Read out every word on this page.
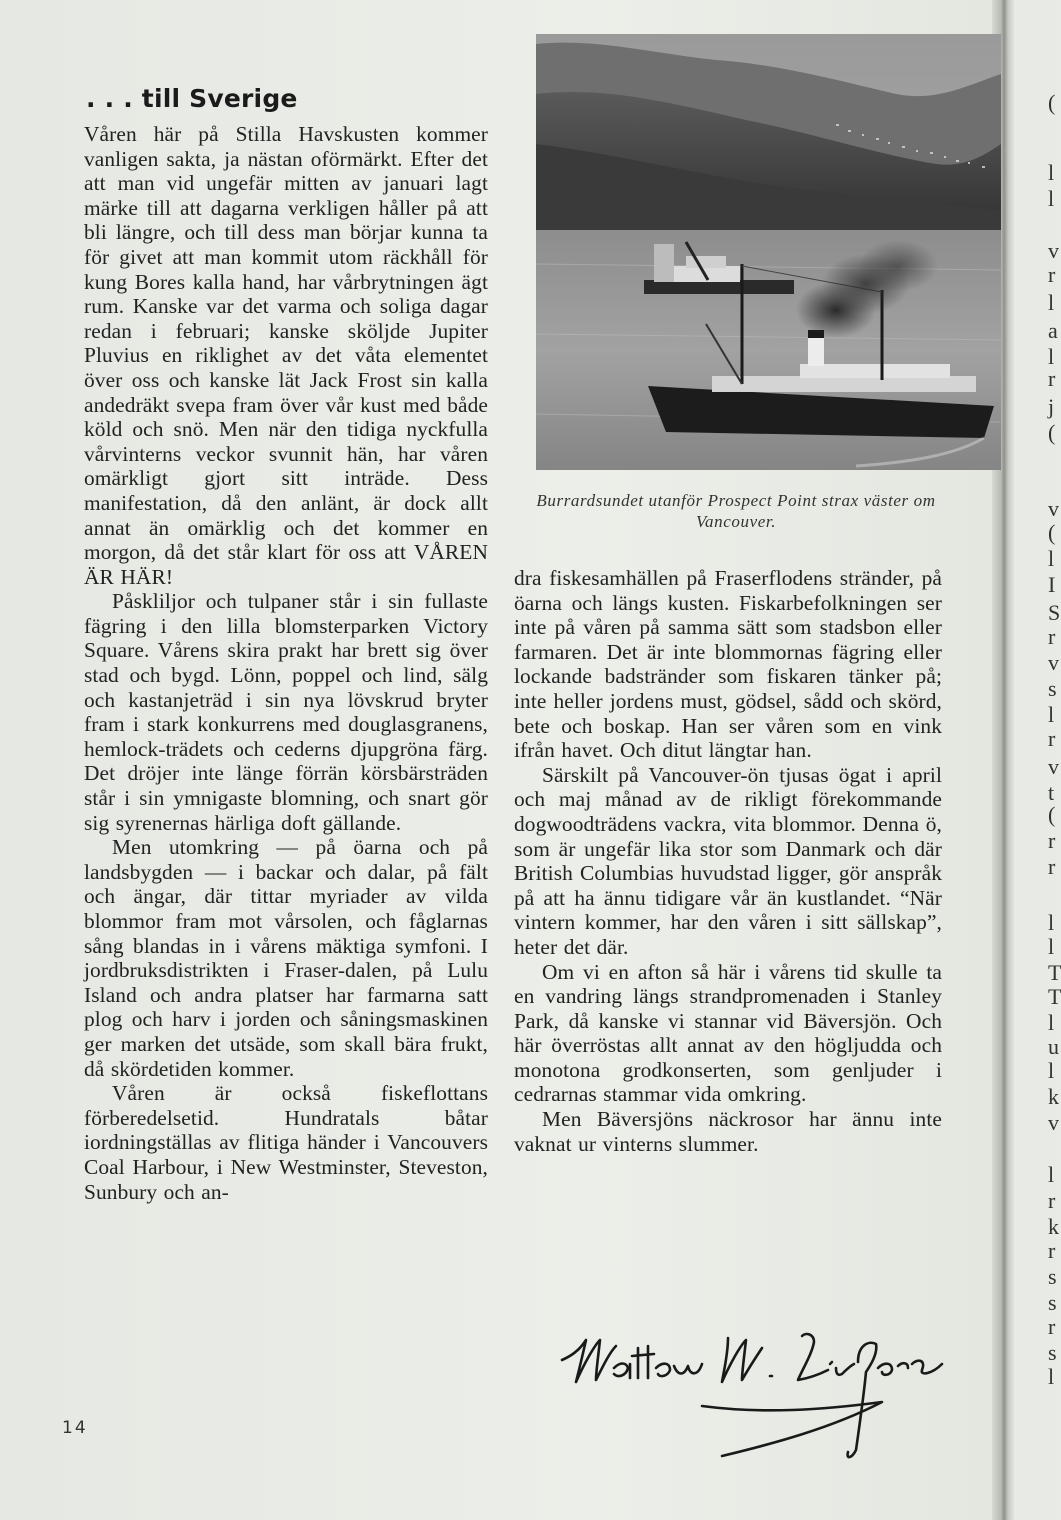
(
l
l
v
r
l
a
l
r
j
(
v
(
l
I
S
r
v
s
l
r
v
t
(
r
r
l
l
T
T
l
u
l
k
v
l
r
k
r
s
s
r
s
l
. . . till Sverige

Våren här på Stilla Havskusten kommer vanligen sakta, ja nästan oförmärkt. Efter det att man vid ungefär mitten av januari lagt märke till att dagarna verkligen håller på att bli längre, och till dess man börjar kunna ta för givet att man kommit utom räckhåll för kung Bores kalla hand, har vårbrytningen ägt rum. Kanske var det varma och soliga dagar redan i februari; kanske sköljde Jupiter Pluvius en riklighet av det våta elementet över oss och kanske lät Jack Frost sin kalla andedräkt svepa fram över vår kust med både köld och snö. Men när den tidiga nyckfulla vårvinterns veckor svunnit hän, har våren omärkligt gjort sitt inträde. Dess manifestation, då den anlänt, är dock allt annat än omärklig och det kommer en morgon, då det står klart för oss att VÅREN ÄR HÄR!

Påskliljor och tulpaner står i sin fullaste fägring i den lilla blomsterparken Victory Square. Vårens skira prakt har brett sig över stad och bygd. Lönn, poppel och lind, sälg och kastanjeträd i sin nya lövskrud bryter fram i stark konkurrens med douglasgranens, hemlock-trädets och cederns djupgröna färg. Det dröjer inte länge förrän körsbärsträden står i sin ymnigaste blomning, och snart gör sig syrenernas härliga doft gällande.

Men utomkring — på öarna och på landsbygden — i backar och dalar, på fält och ängar, där tittar myriader av vilda blommor fram mot vårsolen, och fåglarnas sång blandas in i vårens mäktiga symfoni. I jordbruksdistrikten i Fraser-dalen, på Lulu Island och andra platser har farmarna satt plog och harv i jorden och såningsmaskinen ger marken det utsäde, som skall bära frukt, då skördetiden kommer.

Våren är också fiskeflottans förberedelsetid. Hundratals båtar iordningställas av flitiga händer i Vancouvers Coal Harbour, i New Westminster, Steveston, Sunbury och an-

Burrardsundet utanför Prospect Point strax väster om Vancouver.

dra fiskesamhällen på Fraserflodens stränder, på öarna och längs kusten. Fiskarbefolkningen ser inte på våren på samma sätt som stadsbon eller farmaren. Det är inte blommornas fägring eller lockande badstränder som fiskaren tänker på; inte heller jordens must, gödsel, sådd och skörd, bete och boskap. Han ser våren som en vink ifrån havet. Och ditut längtar han.

Särskilt på Vancouver-ön tjusas ögat i april och maj månad av de rikligt förekommande dogwoodträdens vackra, vita blommor. Denna ö, som är ungefär lika stor som Danmark och där British Columbias huvudstad ligger, gör anspråk på att ha ännu tidigare vår än kustlandet. “När vintern kommer, har den våren i sitt sällskap”, heter det där.

Om vi en afton så här i vårens tid skulle ta en vandring längs strandpromenaden i Stanley Park, då kanske vi stannar vid Bäversjön. Och här överröstas allt annat av den högljudda och monotona grodkonserten, som genljuder i cedrarnas stammar vida omkring.

Men Bäversjöns näckrosor har ännu inte vaknat ur vinterns slummer.

14
